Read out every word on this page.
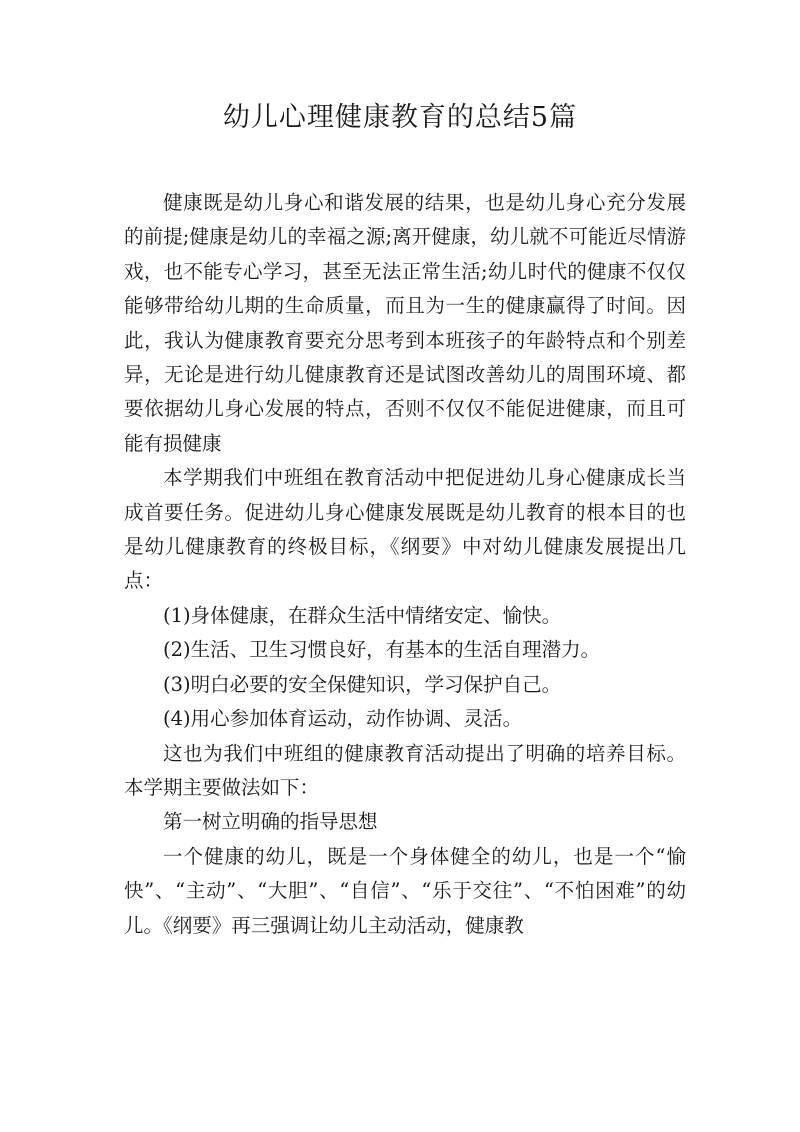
幼儿心理健康教育的总结5篇

健康既是幼儿身心和谐发展的结果，也是幼儿身心充分发展的前提;健康是幼儿的幸福之源;离开健康，幼儿就不可能近尽情游戏，也不能专心学习，甚至无法正常生活;幼儿时代的健康不仅仅能够带给幼儿期的生命质量，而且为一生的健康赢得了时间。因此，我认为健康教育要充分思考到本班孩子的年龄特点和个别差异，无论是进行幼儿健康教育还是试图改善幼儿的周围环境、都要依据幼儿身心发展的特点，否则不仅仅不能促进健康，而且可能有损健康

本学期我们中班组在教育活动中把促进幼儿身心健康成长当成首要任务。促进幼儿身心健康发展既是幼儿教育的根本目的也是幼儿健康教育的终极目标，《纲要》中对幼儿健康发展提出几点：

(1)身体健康，在群众生活中情绪安定、愉快。

(2)生活、卫生习惯良好，有基本的生活自理潜力。

(3)明白必要的安全保健知识，学习保护自己。

(4)用心参加体育运动，动作协调、灵活。

这也为我们中班组的健康教育活动提出了明确的培养目标。本学期主要做法如下：

第一树立明确的指导思想

一个健康的幼儿，既是一个身体健全的幼儿，也是一个“愉快”、“主动”、“大胆”、“自信”、“乐于交往”、“不怕困难”的幼儿。《纲要》再三强调让幼儿主动活动，健康教
